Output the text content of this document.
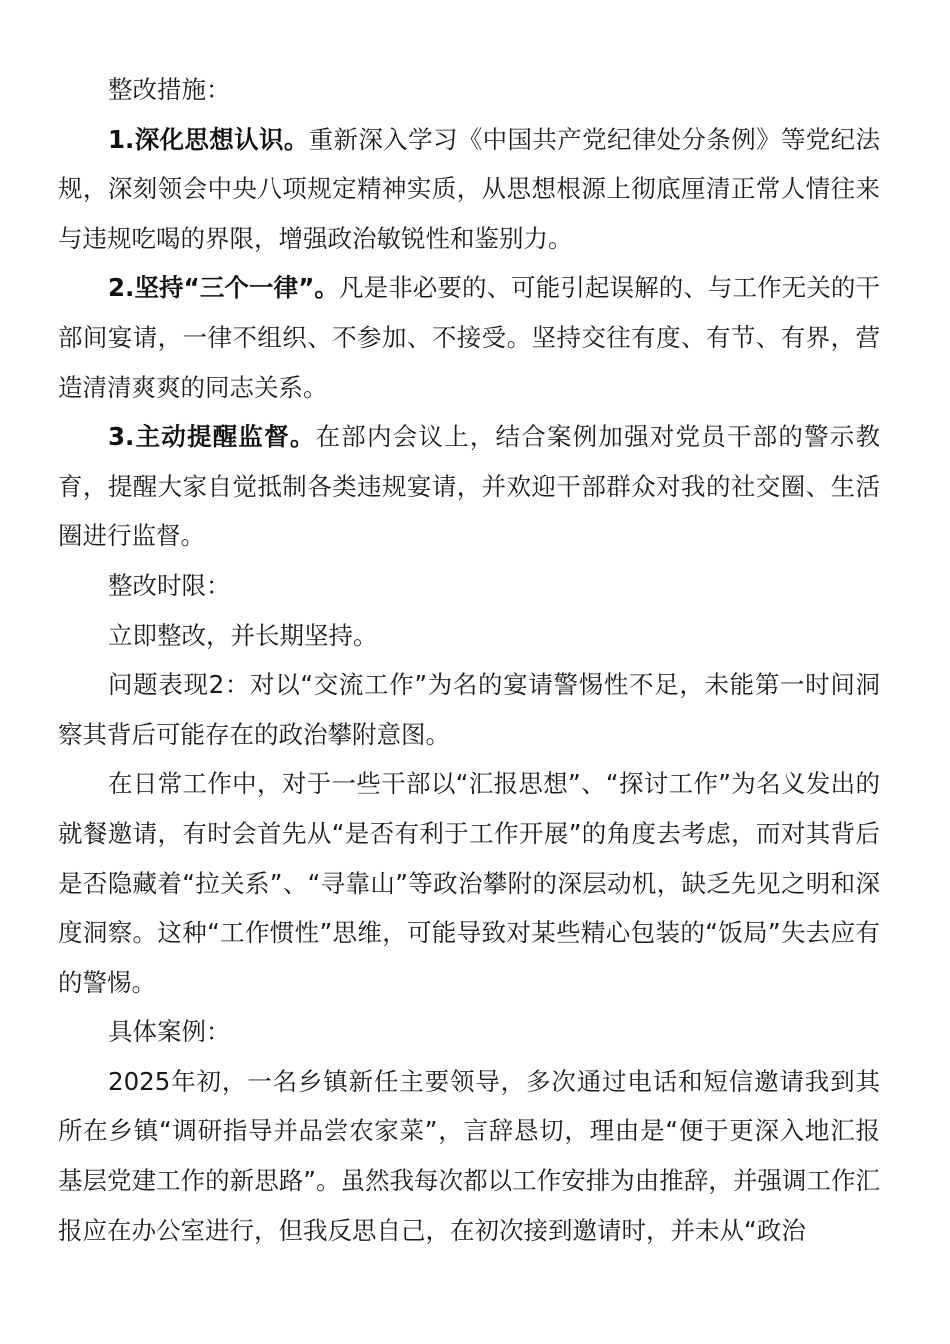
整改措施：

1.深化思想认识。重新深入学习《中国共产党纪律处分条例》等党纪法规，深刻领会中央八项规定精神实质，从思想根源上彻底厘清正常人情往来与违规吃喝的界限，增强政治敏锐性和鉴别力。

2.坚持“三个一律”。凡是非必要的、可能引起误解的、与工作无关的干部间宴请，一律不组织、不参加、不接受。坚持交往有度、有节、有界，营造清清爽爽的同志关系。

3.主动提醒监督。在部内会议上，结合案例加强对党员干部的警示教育，提醒大家自觉抵制各类违规宴请，并欢迎干部群众对我的社交圈、生活圈进行监督。

整改时限：

立即整改，并长期坚持。

问题表现2：对以“交流工作”为名的宴请警惕性不足，未能第一时间洞察其背后可能存在的政治攀附意图。

在日常工作中，对于一些干部以“汇报思想”、“探讨工作”为名义发出的就餐邀请，有时会首先从“是否有利于工作开展”的角度去考虑，而对其背后是否隐藏着“拉关系”、“寻靠山”等政治攀附的深层动机，缺乏先见之明和深度洞察。这种“工作惯性”思维，可能导致对某些精心包装的“饭局”失去应有的警惕。

具体案例：

2025年初，一名乡镇新任主要领导，多次通过电话和短信邀请我到其所在乡镇“调研指导并品尝农家菜”，言辞恳切，理由是“便于更深入地汇报基层党建工作的新思路”。虽然我每次都以工作安排为由推辞，并强调工作汇报应在办公室进行，但我反思自己，在初次接到邀请时，并未从“政治
